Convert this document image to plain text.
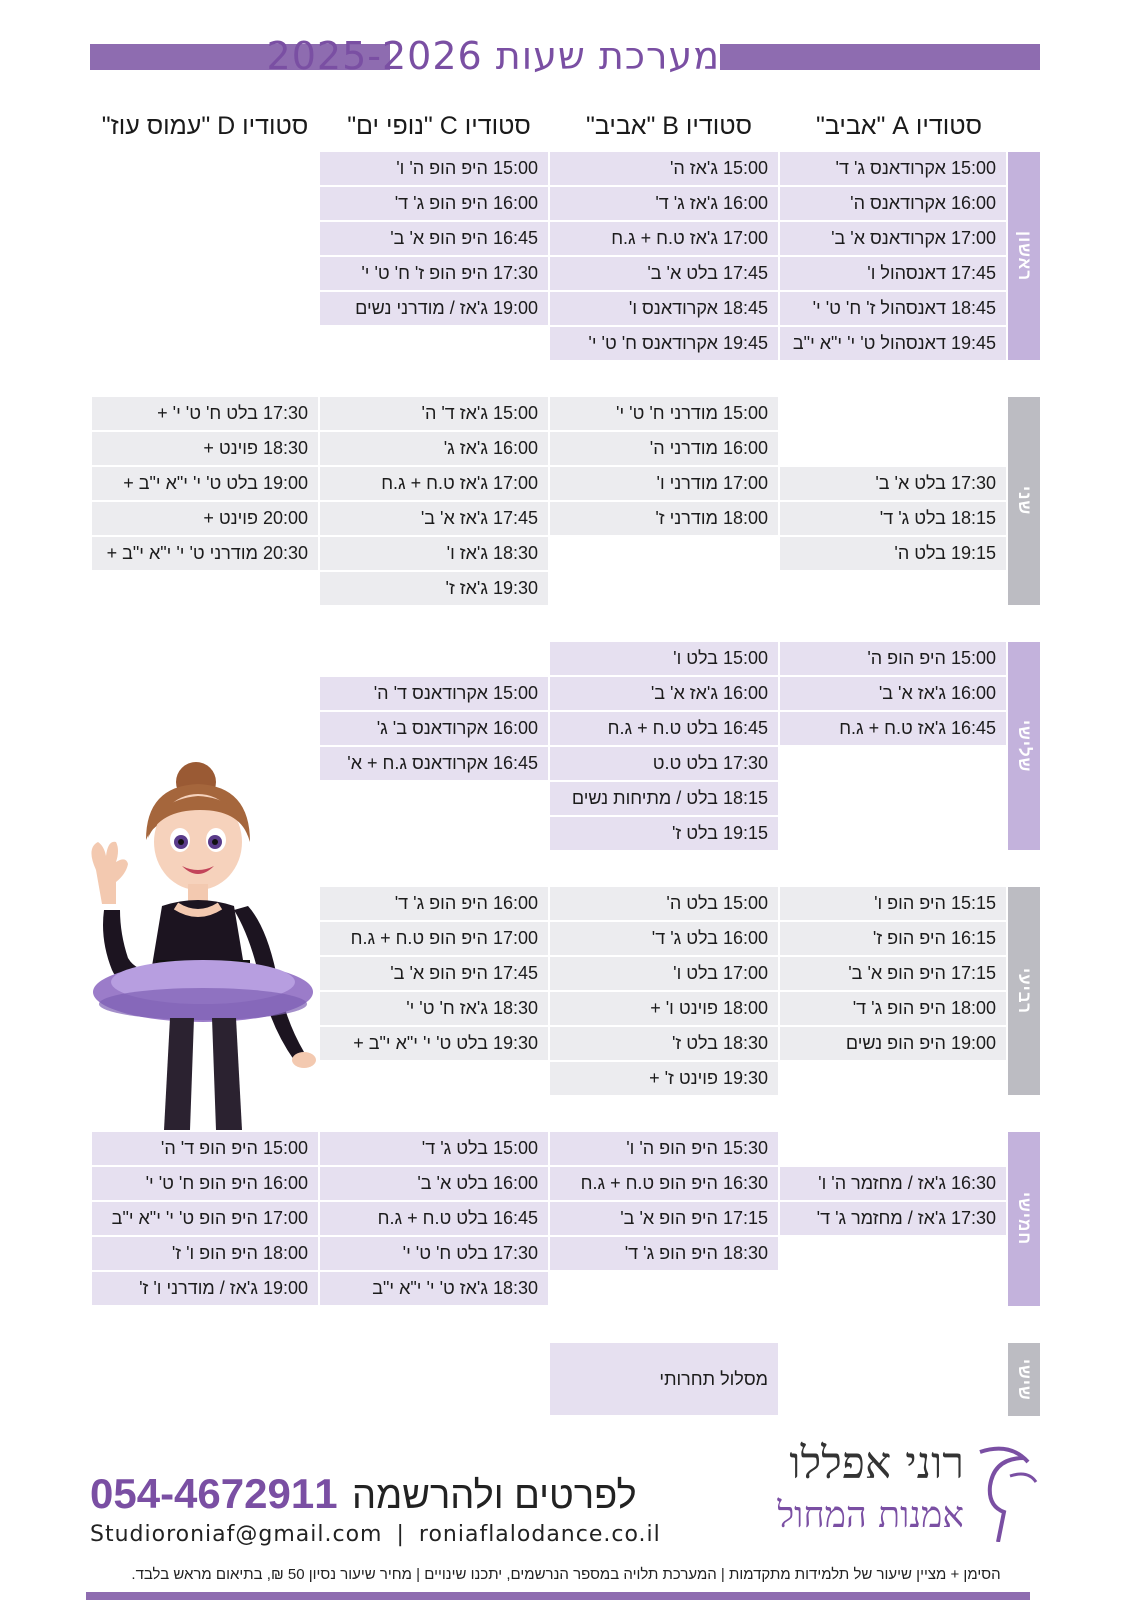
מערכת שעות 2025-2026
סטודיו A "אביב"
סטודיו B "אביב"
סטודיו C "נופי ים"
סטודיו D "עמוס עוז"
ראשון
שני
שלישי
רביעי
חמישי
שישי
15:00 אקרודאנס ג' ד'
16:00 אקרודאנס ה'
17:00 אקרודאנס א' ב'
17:45 דאנסהול ו'
18:45 דאנסהול ז' ח' ט' י'
19:45 דאנסהול ט' י' י"א י"ב
15:00 ג'אז ה'
16:00 ג'אז ג' ד'
17:00 ג'אז ט.ח + ג.ח
17:45 בלט א' ב'
18:45 אקרודאנס ו'
19:45 אקרודאנס ח' ט' י'
15:00 היפ הופ ה' ו'
16:00 היפ הופ ג' ד'
16:45 היפ הופ א' ב'
17:30 היפ הופ ז' ח' ט' י'
19:00 ג'אז / מודרני נשים
17:30 בלט א' ב'
18:15 בלט ג' ד'
19:15 בלט ה'
15:00 מודרני ח' ט' י'
16:00 מודרני ה'
17:00 מודרני ו'
18:00 מודרני ז'
15:00 ג'אז ד' ה'
16:00 ג'אז ג'
17:00 ג'אז ט.ח + ג.ח
17:45 ג'אז א' ב'
18:30 ג'אז ו'
19:30 ג'אז ז'
17:30 בלט ח' ט' י' +
18:30 פוינט +
19:00 בלט ט' י' י"א י"ב +
20:00 פוינט +
20:30 מודרני ט' י' י"א י"ב +
15:00 היפ הופ ה'
16:00 ג'אז א' ב'
16:45 ג'אז ט.ח + ג.ח
15:00 בלט ו'
16:00 ג'אז א' ב'
16:45 בלט ט.ח + ג.ח
17:30 בלט ט.ט
18:15 בלט / מתיחות נשים
19:15 בלט ז'
15:00 אקרודאנס ד' ה'
16:00 אקרודאנס ב' ג'
16:45 אקרודאנס ג.ח + א'
15:15 היפ הופ ו'
16:15 היפ הופ ז'
17:15 היפ הופ א' ב'
18:00 היפ הופ ג' ד'
19:00 היפ הופ נשים
15:00 בלט ה'
16:00 בלט ג' ד'
17:00 בלט ו'
18:00 פוינט ו' +
18:30 בלט ז'
19:30 פוינט ז' +
16:00 היפ הופ ג' ד'
17:00 היפ הופ ט.ח + ג.ח
17:45 היפ הופ א' ב'
18:30 ג'אז ח' ט' י'
19:30 בלט ט' י' י"א י"ב +
16:30 ג'אז / מחזמר ה' ו'
17:30 ג'אז / מחזמר ג' ד'
15:30 היפ הופ ה' ו'
16:30 היפ הופ ט.ח + ג.ח
17:15 היפ הופ א' ב'
18:30 היפ הופ ג' ד'
15:00 בלט ג' ד'
16:00 בלט א' ב'
16:45 בלט ט.ח + ג.ח
17:30 בלט ח' ט' י'
18:30 ג'אז ט' י' י"א י"ב
15:00 היפ הופ ד' ה'
16:00 היפ הופ ח' ט' י'
17:00 היפ הופ ט' י' י"א י"ב
18:00 היפ הופ ו' ז'
19:00 ג'אז / מודרני ו' ז'
מסלול תחרותי
רוני אפללו
אמנות המחול
לפרטים ולהרשמה 054-4672911
Studioroniaf@gmail.com | roniaflalodance.co.il
הסימן + מציין שיעור של תלמידות מתקדמות | המערכת תלויה במספר הנרשמים, יתכנו שינויים | מחיר שיעור נסיון 50 ₪, בתיאום מראש בלבד.
